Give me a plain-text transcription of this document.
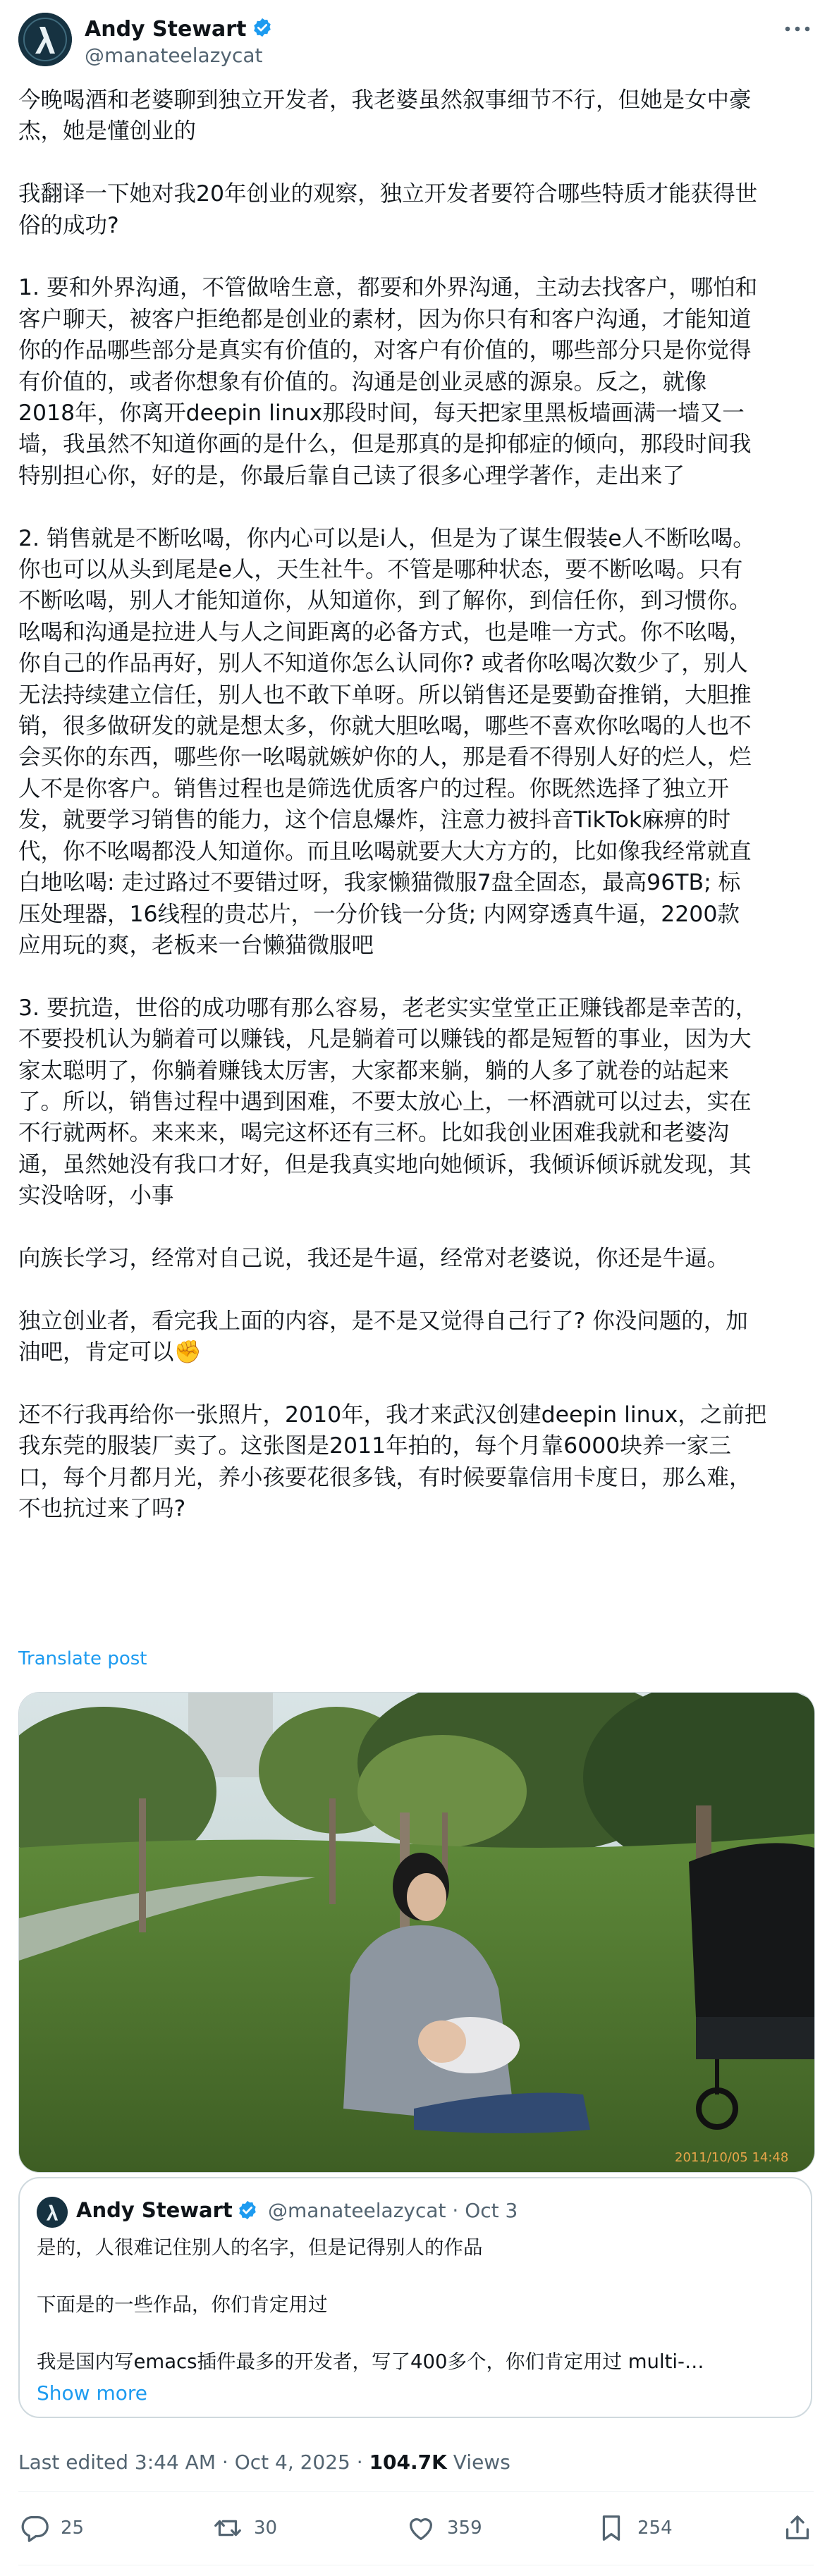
Andy Stewart
@manateelazycat

今晚喝酒和老婆聊到独立开发者，我老婆虽然叙事细节不行，但她是女中豪
杰，她是懂创业的

我翻译一下她对我20年创业的观察，独立开发者要符合哪些特质才能获得世
俗的成功?

1. 要和外界沟通，不管做啥生意，都要和外界沟通，主动去找客户，哪怕和
客户聊天，被客户拒绝都是创业的素材，因为你只有和客户沟通，才能知道
你的作品哪些部分是真实有价值的，对客户有价值的，哪些部分只是你觉得
有价值的，或者你想象有价值的。沟通是创业灵感的源泉。反之，就像
2018年，你离开deepin linux那段时间，每天把家里黑板墙画满一墙又一
墙，我虽然不知道你画的是什么，但是那真的是抑郁症的倾向，那段时间我
特别担心你，好的是，你最后靠自己读了很多心理学著作，走出来了

2. 销售就是不断吆喝，你内心可以是i人，但是为了谋生假装e人不断吆喝。
你也可以从头到尾是e人，天生社牛。不管是哪种状态，要不断吆喝。只有
不断吆喝，别人才能知道你，从知道你，到了解你，到信任你，到习惯你。
吆喝和沟通是拉进人与人之间距离的必备方式，也是唯一方式。你不吆喝，
你自己的作品再好，别人不知道你怎么认同你? 或者你吆喝次数少了，别人
无法持续建立信任，别人也不敢下单呀。所以销售还是要勤奋推销，大胆推
销，很多做研发的就是想太多，你就大胆吆喝，哪些不喜欢你吆喝的人也不
会买你的东西，哪些你一吆喝就嫉妒你的人，那是看不得别人好的烂人，烂
人不是你客户。销售过程也是筛选优质客户的过程。你既然选择了独立开
发，就要学习销售的能力，这个信息爆炸，注意力被抖音TikTok麻痹的时
代，你不吆喝都没人知道你。而且吆喝就要大大方方的，比如像我经常就直
白地吆喝: 走过路过不要错过呀，我家懒猫微服7盘全固态，最高96TB; 标
压处理器，16线程的贵芯片，一分价钱一分货; 内网穿透真牛逼，2200款
应用玩的爽，老板来一台懒猫微服吧

3. 要抗造，世俗的成功哪有那么容易，老老实实堂堂正正赚钱都是幸苦的，
不要投机认为躺着可以赚钱，凡是躺着可以赚钱的都是短暂的事业，因为大
家太聪明了，你躺着赚钱太厉害，大家都来躺，躺的人多了就卷的站起来
了。所以，销售过程中遇到困难，不要太放心上，一杯酒就可以过去，实在
不行就两杯。来来来，喝完这杯还有三杯。比如我创业困难我就和老婆沟
通，虽然她没有我口才好，但是我真实地向她倾诉，我倾诉倾诉就发现，其
实没啥呀，小事

向族长学习，经常对自己说，我还是牛逼，经常对老婆说，你还是牛逼。

独立创业者，看完我上面的内容，是不是又觉得自己行了? 你没问题的，加
油吧，肯定可以✊

还不行我再给你一张照片，2010年，我才来武汉创建deepin linux，之前把
我东莞的服装厂卖了。这张图是2011年拍的，每个月靠6000块养一家三
口，每个月都月光，养小孩要花很多钱，有时候要靠信用卡度日，那么难，
不也抗过来了吗?

Translate post
2011/10/05 14:48
Andy Stewart @manateelazycat · Oct 3

是的，人很难记住别人的名字，但是记得别人的作品

下面是的一些作品，你们肯定用过

我是国内写emacs插件最多的开发者，写了400多个，你们肯定用过 multi-…

Show more
Last edited 3:44 AM · Oct 4, 2025 · 104.7K Views
25	30	359	254
